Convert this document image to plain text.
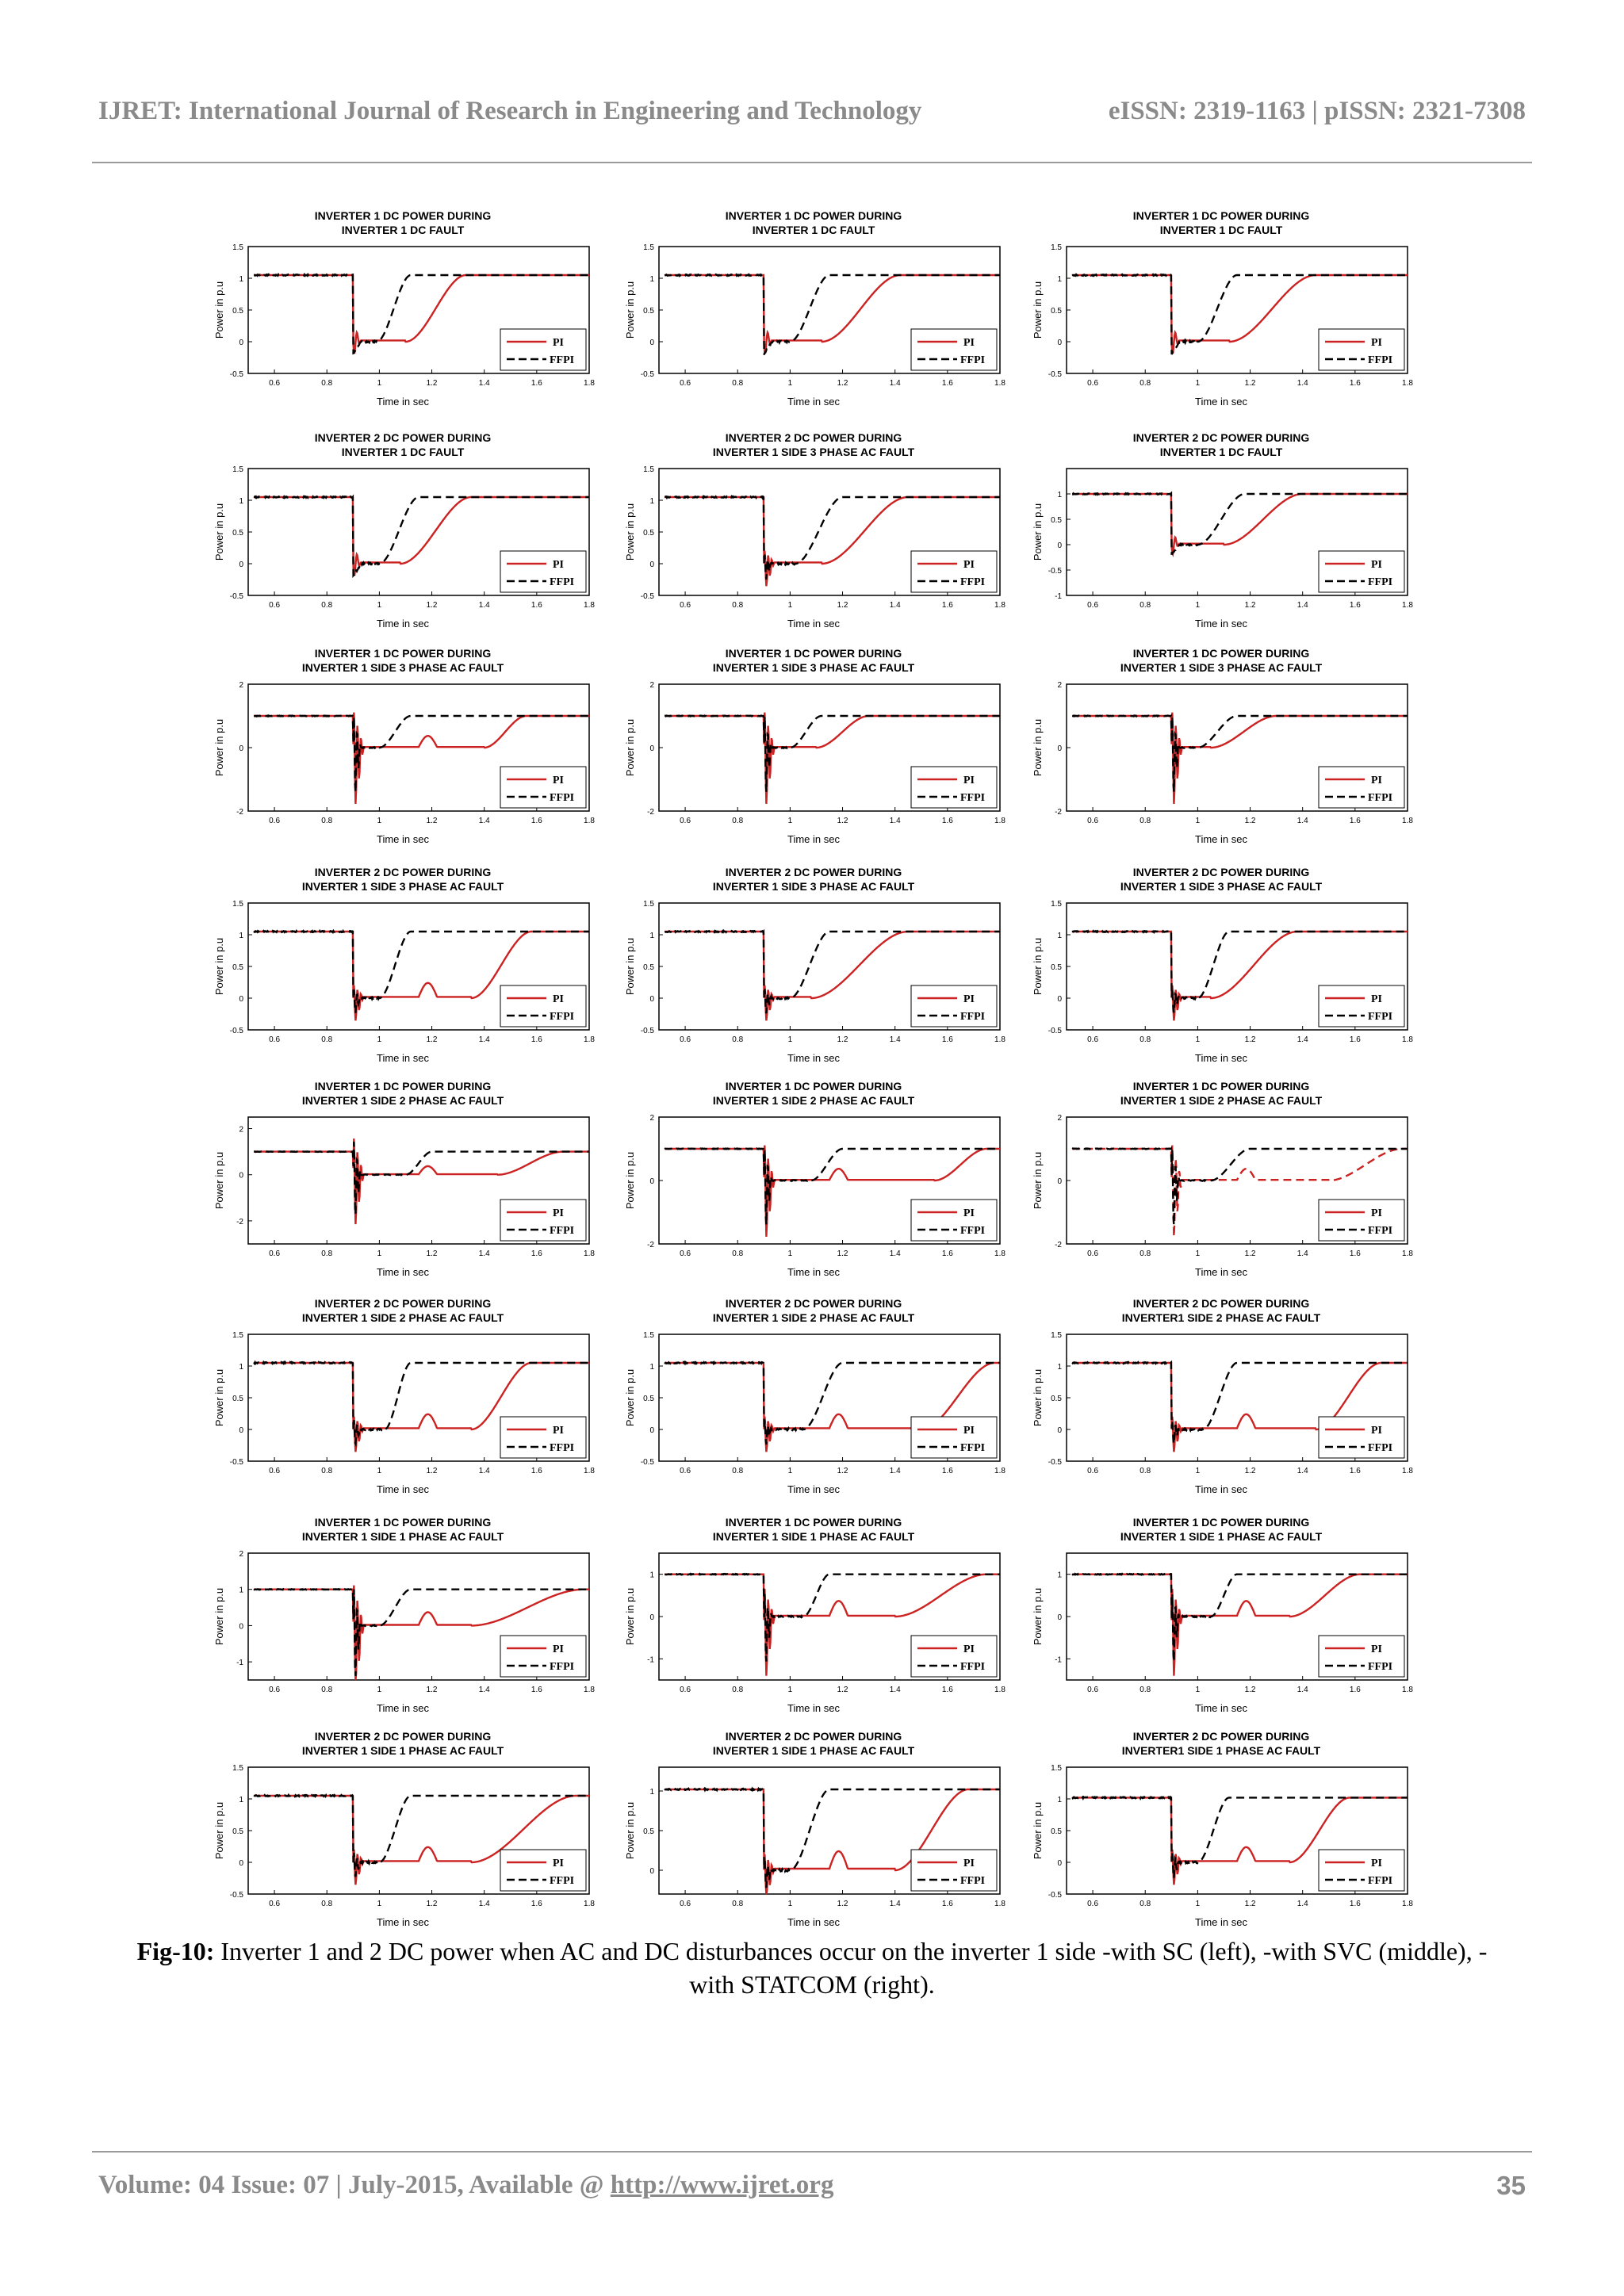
IJRET: International Journal of Research in Engineering and Technology	eISSN: 2319-1163 | pISSN: 2321-7308
INVERTER 1 DC POWER DURING
INVERTER 1 DC FAULT
0.6	0.8	1	1.2	1.4	1.6	1.8
1.5
1
0.5
0
-0.5
Time in sec
Power in p.u
PI
FFPI
INVERTER 1 DC POWER DURING
INVERTER 1 DC FAULT
0.6	0.8	1	1.2	1.4	1.6	1.8
1.5
1
0.5
0
-0.5
Time in sec
Power in p.u
PI
FFPI
INVERTER 1 DC POWER DURING
INVERTER 1 DC FAULT
0.6	0.8	1	1.2	1.4	1.6	1.8
1.5
1
0.5
0
-0.5
Time in sec
Power in p.u
PI
FFPI
INVERTER 2 DC POWER DURING
INVERTER 1 DC FAULT
0.6	0.8	1	1.2	1.4	1.6	1.8
1.5
1
0.5
0
-0.5
Time in sec
Power in p.u
PI
FFPI
INVERTER 2 DC POWER DURING
INVERTER 1 SIDE 3 PHASE AC FAULT
0.6	0.8	1	1.2	1.4	1.6	1.8
1.5
1
0.5
0
-0.5
Time in sec
Power in p.u
PI
FFPI
INVERTER 2 DC POWER DURING
INVERTER 1 DC FAULT
0.6	0.8	1	1.2	1.4	1.6	1.8
1
0.5
0
-0.5
-1
Time in sec
Power in p.u
PI
FFPI
INVERTER 1 DC POWER DURING
INVERTER 1 SIDE 3 PHASE AC FAULT
0.6	0.8	1	1.2	1.4	1.6	1.8
2
0
-2
Time in sec
Power in p.u
PI
FFPI
INVERTER 1 DC POWER DURING
INVERTER 1 SIDE 3 PHASE AC FAULT
0.6	0.8	1	1.2	1.4	1.6	1.8
2
0
-2
Time in sec
Power in p.u
PI
FFPI
INVERTER 1 DC POWER DURING
INVERTER 1 SIDE 3 PHASE AC FAULT
0.6	0.8	1	1.2	1.4	1.6	1.8
2
0
-2
Time in sec
Power in p.u
PI
FFPI
INVERTER 2 DC POWER DURING
INVERTER 1 SIDE 3 PHASE AC FAULT
0.6	0.8	1	1.2	1.4	1.6	1.8
1.5
1
0.5
0
-0.5
Time in sec
Power in p.u
PI
FFPI
INVERTER 2 DC POWER DURING
INVERTER 1 SIDE 3 PHASE AC FAULT
0.6	0.8	1	1.2	1.4	1.6	1.8
1.5
1
0.5
0
-0.5
Time in sec
Power in p.u
PI
FFPI
INVERTER 2 DC POWER DURING
INVERTER 1 SIDE 3 PHASE AC FAULT
0.6	0.8	1	1.2	1.4	1.6	1.8
1.5
1
0.5
0
-0.5
Time in sec
Power in p.u
PI
FFPI
INVERTER 1 DC POWER DURING
INVERTER 1 SIDE 2 PHASE AC FAULT
0.6	0.8	1	1.2	1.4	1.6	1.8
2
0
-2
Time in sec
Power in p.u
PI
FFPI
INVERTER 1 DC POWER DURING
INVERTER 1 SIDE 2 PHASE AC FAULT
0.6	0.8	1	1.2	1.4	1.6	1.8
2
0
-2
Time in sec
Power in p.u
PI
FFPI
INVERTER 1 DC POWER DURING
INVERTER 1 SIDE 2 PHASE AC FAULT
0.6	0.8	1	1.2	1.4	1.6	1.8
2
0
-2
Time in sec
Power in p.u
PI
FFPI
INVERTER 2 DC POWER DURING
INVERTER 1 SIDE 2 PHASE AC FAULT
0.6	0.8	1	1.2	1.4	1.6	1.8
1.5
1
0.5
0
-0.5
Time in sec
Power in p.u
PI
FFPI
INVERTER 2 DC POWER DURING
INVERTER 1 SIDE 2 PHASE AC FAULT
0.6	0.8	1	1.2	1.4	1.6	1.8
1.5
1
0.5
0
-0.5
Time in sec
Power in p.u
PI
FFPI
INVERTER 2 DC POWER DURING
INVERTER1 SIDE 2 PHASE AC FAULT
0.6	0.8	1	1.2	1.4	1.6	1.8
1.5
1
0.5
0
-0.5
Time in sec
Power in p.u
PI
FFPI
INVERTER 1 DC POWER DURING
INVERTER 1 SIDE 1 PHASE AC FAULT
0.6	0.8	1	1.2	1.4	1.6	1.8
2
1
0
-1
Time in sec
Power in p.u
PI
FFPI
INVERTER 1 DC POWER DURING
INVERTER 1 SIDE 1 PHASE AC FAULT
0.6	0.8	1	1.2	1.4	1.6	1.8
1
0
-1
Time in sec
Power in p.u
PI
FFPI
INVERTER 1 DC POWER DURING
INVERTER 1 SIDE 1 PHASE AC FAULT
0.6	0.8	1	1.2	1.4	1.6	1.8
1
0
-1
Time in sec
Power in p.u
PI
FFPI
INVERTER 2 DC POWER DURING
INVERTER 1 SIDE 1 PHASE AC FAULT
0.6	0.8	1	1.2	1.4	1.6	1.8
1.5
1
0.5
0
-0.5
Time in sec
Power in p.u
PI
FFPI
INVERTER 2 DC POWER DURING
INVERTER 1 SIDE 1 PHASE AC FAULT
0.6	0.8	1	1.2	1.4	1.6	1.8
1
0.5
0
Time in sec
Power in p.u
PI
FFPI
INVERTER 2 DC POWER DURING
INVERTER1 SIDE 1 PHASE AC FAULT
0.6	0.8	1	1.2	1.4	1.6	1.8
1.5
1
0.5
0
-0.5
Time in sec
Power in p.u
PI
FFPI
Fig-10: Inverter 1 and 2 DC power when AC and DC disturbances occur on the inverter 1 side -with SC (left), -with SVC (middle), -with STATCOM (right).
Volume: 04 Issue: 07 | July-2015, Available @ http://www.ijret.org	35
